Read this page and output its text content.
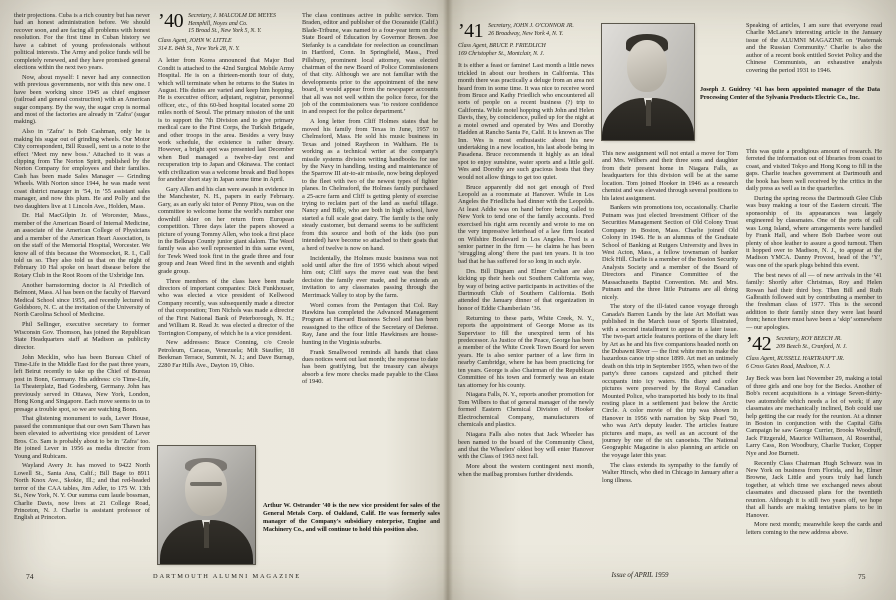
their projections. Cuba is a rich country but has never had an honest administration before. We should recover soon, and are facing all problems with honest resolution. For the first time in Cuban history we have a cabinet of young professionals without political interests. The Army and police funds will be completely renewed, and they have promised general elections within the next two years.

Now, about myself: I never had any connection with previous governments, nor with this new one. I have been working since 1945 as chief engineer (railroad and general construction) with an American sugar company. By the way, the sugar crop is normal and most of the factories are already in ‘Zafra’ (sugar making).

Also in ‘Zafra’ is Bob Cashman, only he is making his sugar out of grinding wheels. Our Motor City correspondent, Bill Russell, sent us a note to the effect ‘Meet my new boss.’ Attached to it was a clipping from The Norton Spirit, published by the Norton Company for employees and their families. Cash has been made Sales Manager — Grinding Wheels. With Norton since 1944, he was made west coast district manager in ’54, in ’55 assistant sales manager, and now this plum. He and Polly and the two daughters live at 1 Lincoln Ave., Holden, Mass.

Dr. Hal MacGilpin Jr. of Worcester, Mass., member of the American Board of Internal Medicine, an associate of the American College of Physicians and a member of the American Heart Association, is on the staff of the Memorial Hospital, Worcester. We know all of this because the Woonsocket, R. I., Call told us so. They also told us that on the night of February 10 Hal spoke on heart disease before the Rotary Club in the Root Room of the Uxbridge Inn.

Another barnstorming doctor is Al Friedlich of Belmont, Mass. Al has been on the faculty of Harvard Medical School since 1955, and recently lectured in Goldsboro, N. C. at the invitation of the University of North Carolina School of Medicine.

Phil Sellinger, executive secretary to former Wisconsin Gov. Thomson, has joined the Republican State Headquarters staff at Madison as publicity director.

John Mecklin, who has been Bureau Chief of Time-Life in the Middle East for the past three years, left Beirut recently to take up the Chief of Bureau post in Bonn, Germany. His address: c/o Time-Life, 1a Theaterplatz, Bad Godesberg, Germany. John has previously served in Ottawa, New York, London, Hong Kong and Singapore. Each move seems to us to presage a trouble spot, so we are watching Bonn.

That glistening monument to suds, Lever House, passed the communique that our own Sam Thawn has been elevated to advertising vice president of Lever Bros. Co. Sam is probably about to be in ‘Zafra’ too. He joined Lever in 1956 as media director from Young and Rubicam.

Wayland Avery Jr. has moved to 9422 North Lowell St., Santa Ana, Calif.; Bill Bage to 8911 North Knox Ave., Skokie, Ill.; and that red-headed terror of the CAA tables, Jim Adler, to 175 W. 13th St., New York, N. Y. Our summa cum laude bossman, Charlie Davis, now lives at 21 College Road, Princeton, N. J. Charlie is assistant professor of English at Princeton.

’40 Secretary, J. MALCOLM DE MEYES
Hemphill, Noyes and Co.
15 Broad St., New York 5, N. Y.
Class Agent, JOHN W. LITTLE
314 E. 84th St., New York 28, N. Y.

A letter from Korea announced that Major Bud Condit is attached to the 42nd Surgical Mobile Army Hospital. He is on a thirteen-month tour of duty, which will terminate when he returns to the States in August. His duties are varied and keep him hopping. He is executive officer, adjutant, registrar, personnel officer, etc., of this 60-bed hospital located some 20 miles north of Seoul. The primary mission of the unit is to support the 7th Division and to give primary medical care to the First Corps, the Turkish Brigade, and other troops in the area. Besides a very busy work schedule, the existence is rather dreary. However, a bright spot was presented last December when Bud managed a twelve-day rest and recuperation trip to Japan and Okinawa. The contact with civilization was a welcome break and Bud hopes for another short stay in Japan some time in April.

Gary Allen and his clan were awash in evidence in the Manchester, N. H., papers in early February. Gary, as an early ski tutor of Penny Pitou, was on the committee to welcome home the world's number one downhill skier on her return from European competition. Three days later the papers showed a picture of young Tommy Allen, who took a first place in the Belknap County junior giant slalom. The Weed family was also well represented in this same event, for Tewk Weed took first in the grade three and four group and Jean Weed first in the seventh and eighth grade group.

Three members of the class have been made directors of important companies: Dick Funkhouser, who was elected a vice president of Kellwood Company recently, was subsequently made a director of that corporation; Tom Nichols was made a director of the First National Bank of Peterborough, N. H.; and William R. Read Jr. was elected a director of the Torrington Company, of which he is a vice president.

New addresses: Brace Conning, c/o Creole Petroleum, Caracas, Venezuela; Milt Stauffer, 18 Beekman Terrace, Summit, N. J.; and Dave Burnap, 2280 Far Hills Ave., Dayton 19, Ohio.

The class continues active in public service. Tom Braden, editor and publisher of the Oceanside (Calif.) Blade-Tribune, was named to a four-year term on the State Board of Education by Governor Brown. Joe Stefanky is a candidate for reelection as councilman in Hartford, Conn. In Springfield, Mass., Fred Pillsbury, prominent local attorney, was elected chairman of the new Board of Police Commissioners of that city. Although we are not familiar with the developments prior to the appointment of the new board, it would appear from the newspaper accounts that all was not well within the police force, for the job of the commissioners was ‘to restore confidence in and respect for the police department.’

A long letter from Cliff Holmes states that he moved his family from Texas in June, 1957 to Chelmsford, Mass. He sold his music business in Texas and joined Raytheon in Waltham. He is working as a technical writer at the company's missile systems division writing handbooks for use by the Navy in handling, testing and maintenance of the Sparrow III air-to-air missile, now being deployed to the fleet with two of the newest types of fighter planes. In Chelmsford, the Holmes family purchased a 25-acre farm and Cliff is getting plenty of exercise trying to reclaim part of the land as useful tillage. Nancy and Billy, who are both in high school, have started a full scale goat dairy. The family is the only steady customer, but demand seems to be sufficient from this source and both of the kids (no pun intended) have become so attached to their goats that a herd of twelve is now on hand.

Incidentally, the Holmes music business was not sold until after the fire of 1956 which about wiped him out; Cliff says the move east was the best decision the family ever made, and he extends an invitation to any classmates passing through the Merrimack Valley to stop by the farm.

Word comes from the Pentagon that Col. Ray Hawkins has completed the Advanced Management Program at Harvard Business School and has been reassigned to the office of the Secretary of Defense. Ray, Jane and the four little Hawkinses are house-hunting in the Virginia suburbs.

Frank Smallwood reminds all hands that class dues notices went out last month; the response to date has been gratifying, but the treasury can always absorb a few more checks made payable to the Class of 1940.

Arthur W. Ostrander ’40 is the new vice president for sales of the General Metals Corp. of Oakland, Calif. He was formerly sales manager of the Company's subsidiary enterprise, Engine and Machinery Co., and will continue to hold this position also.
74	DARTMOUTH ALUMNI MAGAZINE
’41 Secretary, JOHN J. O'CONNOR JR.
26 Broadway, New York 4, N. Y.
Class Agent, BRUCE P. FRIEDLICH
169 Christopher St., Montclair, N. J.

It is either a feast or famine! Last month a little news trickled in about our brothers in California. This month there was practically a deluge from an area not heard from in some time. It was nice to receive word from Bruce and Kathy Friedlich who encountered all sorts of people on a recent business (?) trip to California. While motel hopping with John and Helen Davis, they, by coincidence, pulled up for the night at a motel owned and operated by Wes and Dorothy Hadden at Rancho Santa Fe, Calif. It is known as The Inn. Wes is most enthusiastic about his new undertaking in a new location, his last abode being in Pasadena. Bruce recommends it highly as an ideal spot to enjoy sunshine, water sports and a little golf. Wes and Dorothy are such gracious hosts that they would not allow things to get too quiet.

Bruce apparently did not get enough of Fred Leopold as a roommate at Hanover. While in Los Angeles the Friedlichs had dinner with the Leopolds. At least Addie was on hand before being called to New York to tend one of the family accounts. Fred exercised his right arm recently and wrote to me on the very impressive letterhead of a law firm located on Wilshire Boulevard in Los Angeles. Fred is a senior partner in the firm — he claims he has been ‘struggling along’ there the past ten years. It is too bad that he has suffered for so long in such style.

Drs. Bill Dignam and Elmer Crehan are also kicking up their heels out Southern California way, by way of being active participants in activities of the Dartmouth Club of Southern California. Both attended the January dinner of that organization in honor of Eddie Chamberlain ’36.

Returning to these parts, White Creek, N. Y., reports the appointment of George Morse as its Supervisor to fill the unexpired term of his predecessor. As Justice of the Peace, George has been a member of the White Creek Town Board for seven years. He is also senior partner of a law firm in nearby Cambridge, where he has been practicing for ten years. George is also Chairman of the Republican Committee of his town and formerly was an estate tax attorney for his county.

Niagara Falls, N. Y., reports another promotion for Tom Wilbers to that of general manager of the newly formed Eastern Chemical Division of Hooker Electrochemical Company, manufacturers of chemicals and plastics.

Niagara Falls also notes that Jack Wheeler has been named to the board of the Community Chest, and that the Wheelers' oldest boy will enter Hanover with the Class of 1963 next fall.

More about the western contingent next month, when the mailbag promises further dividends.

This new assignment will not entail a move for Tom and Mrs. Wilbers and their three sons and daughter from their present home in Niagara Falls, as headquarters for this division will be at the same location. Tom joined Hooker in 1946 as a research chemist and was elevated through several positions to his latest assignment.

Bankers win promotions too, occasionally. Charlie Putnam was just elected Investment Officer of the Securities Management Section of Old Colony Trust Company in Boston, Mass. Charlie joined Old Colony in 1946. He is an alumnus of the Graduate School of Banking at Rutgers University and lives in West Acton, Mass., a fellow townsman of banker Dick Hill. Charlie is a member of the Boston Security Analysts Society and a member of the Board of Directors and Finance Committee of the Massachusetts Baptist Convention. Mr. and Mrs. Putnam and the three little Putnams are all doing nicely.

The story of the ill-fated canoe voyage through Canada's Barren Lands by the late Art Moffatt was published in the March issue of Sports Illustrated, with a second installment to appear in a later issue. The two-part article features portions of the diary left by Art as he and his five companions headed north on the Dubawnt River — the first white men to make the hazardous canoe trip since 1899. Art met an untimely death on this trip in September 1955, when two of the party's three canoes capsized and pitched their occupants into icy waters. His diary and color pictures were preserved by the Royal Canadian Mounted Police, who transported his body to its final resting place in a settlement just below the Arctic Circle. A color movie of the trip was shown in Hanover in 1956 with narration by Skip Pearl '50, who was Art's deputy leader. The articles feature pictures and maps, as well as an account of the journey by one of the six canoeists. The National Geographic Magazine is also planning an article on the voyage later this year.

The class extends its sympathy to the family of Walter Hirsch, who died in Chicago in January after a long illness.

Speaking of articles, I am sure that everyone read Charlie McLane's interesting article in the January issue of the ALUMNI MAGAZINE on ‘Pasternak and the Russian Community.’ Charlie is also the author of a recent book entitled Soviet Policy and the Chinese Communists, an exhaustive analysis covering the period 1931 to 1946.

Joseph J. Guidrey ’41 has been appointed manager of the Data Processing Center of the Sylvania Products Electric Co., Inc.

This was quite a prodigious amount of research. He ferreted the information out of libraries from coast to coast, and visited Tokyo and Hong Kong to fill in the gaps. Charlie teaches government at Dartmouth and the book has been well received by the critics in the daily press as well as in the quarterlies.

During the spring recess the Dartmouth Glee Club was busy making a tour of the Eastern circuit. The sponsorship of its appearances was largely engineered by classmates. One of the ports of call was Long Island, where arrangements were handled by Frank Hall, and where Bob Darbee wore out plenty of shoe leather to assure a good turnout. Then it hopped over to Madison, N. J., to appear at the Madison YMCA. Danny Provost, head of the ‘Y’, was one of the spark plugs behind this event.

The best news of all — of new arrivals in the ’41 family: Shortly after Christmas, Roy and Helen Rowan had their third boy. Then Bill and Ruth Galbraith followed suit by contributing a member to the freshman class of 1977. This is the second addition to their family since they were last heard from; hence there must have been a ‘skip’ somewhere — our apologies.

’42 Secretary, ROY BEECH JR.
209 Beech St., Cranford, N. J.
Class Agent, RUSSELL HARTRANFT JR.
6 Cross Gates Road, Madison, N. J.

Jay Beck was born last November 29, making a total of three girls and one boy for the Becks. Another of Bob's recent acquisitions is a vintage Seven-thirty-two automobile which needs a lot of work; if any classmates are mechanically inclined, Bob could use help getting the car ready for the reunion. At a dinner in Boston in conjunction with the Capital Gifts Campaign he saw George Currier, Brooks Woodruff, Jack Fitzgerald, Maurice Williamson, Al Rosenthal, Larry Cass, Ron Woodbury, Charlie Tucker, Copper Nye and Joe Burnett.

Recently Class Chairman Hugh Schwarz was in New York on business from Florida, and he, Elmer Browne, Jack Little and yours truly had lunch together, at which time we exchanged news about classmates and discussed plans for the twentieth reunion. Although it is still two years off, we hope that all hands are making tentative plans to be in Hanover.

More next month; meanwhile keep the cards and letters coming to the new address above.

Issue of APRIL 1959	75
